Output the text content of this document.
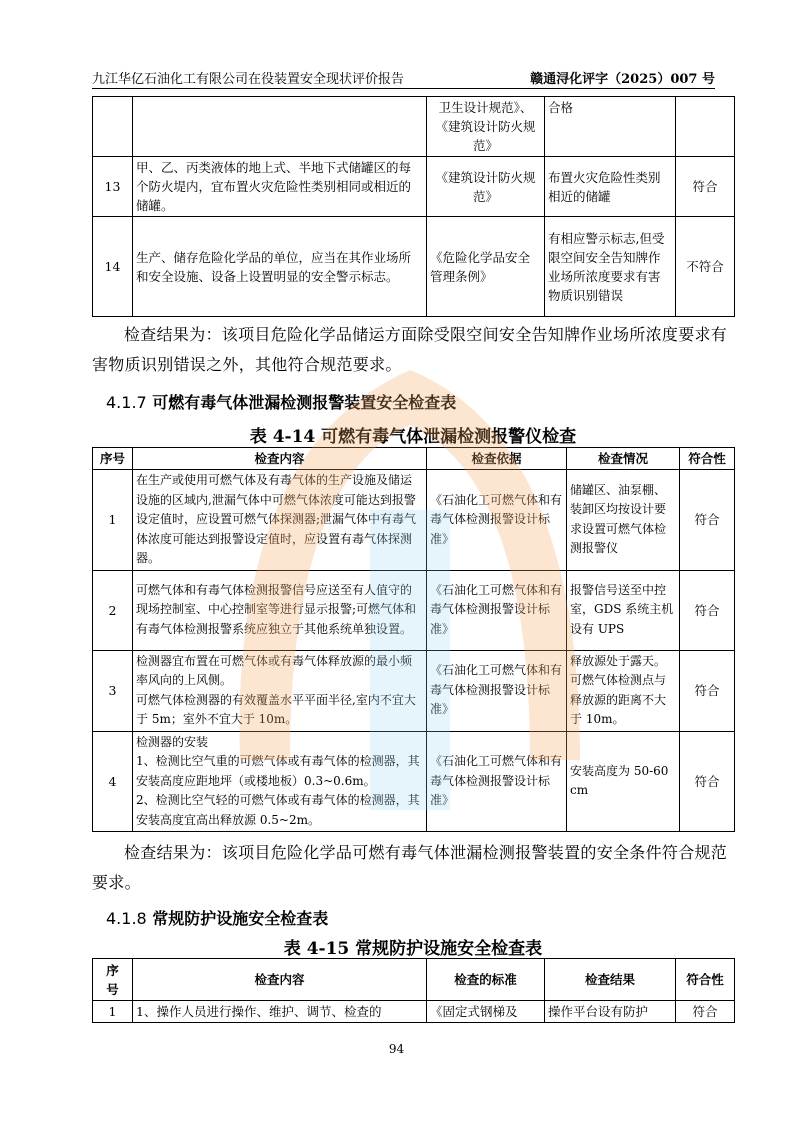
九江华亿石油化工有限公司在役装置安全现状评价报告	赣通浔化评字（2025）007 号
		卫生设计规范》、《建筑设计防火规范》	合格	
13	甲、乙、丙类液体的地上式、半地下式储罐区的每个防火堤内，宜布置火灾危险性类别相同或相近的储罐。	《建筑设计防火规范》	布置火灾危险性类别相近的储罐	符合
14	生产、储存危险化学品的单位，应当在其作业场所和安全设施、设备上设置明显的安全警示标志。	《危险化学品安全管理条例》	有相应警示标志,但受限空间安全告知牌作业场所浓度要求有害物质识别错误	不符合
检查结果为：该项目危险化学品储运方面除受限空间安全告知牌作业场所浓度要求有害物质识别错误之外，其他符合规范要求。
4.1.7 可燃有毒气体泄漏检测报警装置安全检查表
表 4-14 可燃有毒气体泄漏检测报警仪检查
序号	检查内容	检查依据	检查情况	符合性
1	在生产或使用可燃气体及有毒气体的生产设施及储运设施的区域内,泄漏气体中可燃气体浓度可能达到报警设定值时，应设置可燃气体探测器;泄漏气体中有毒气体浓度可能达到报警设定值时，应设置有毒气体探测器。	《石油化工可燃气体和有毒气体检测报警设计标准》	储罐区、油泵棚、装卸区均按设计要求设置可燃气体检测报警仪	符合
2	可燃气体和有毒气体检测报警信号应送至有人值守的现场控制室、中心控制室等进行显示报警;可燃气体和有毒气体检测报警系统应独立于其他系统单独设置。	《石油化工可燃气体和有毒气体检测报警设计标准》	报警信号送至中控室，GDS 系统主机设有 UPS	符合
3	检测器宜布置在可燃气体或有毒气体释放源的最小频率风向的上风侧。
可燃气体检测器的有效覆盖水平平面半径,室内不宜大于 5m；室外不宜大于 10m。	《石油化工可燃气体和有毒气体检测报警设计标准》	释放源处于露天。可燃气体检测点与释放源的距离不大于 10m。	符合
4	检测器的安装
1、检测比空气重的可燃气体或有毒气体的检测器，其安装高度应距地坪（或楼地板）0.3~0.6m。
2、检测比空气轻的可燃气体或有毒气体的检测器，其安装高度宜高出释放源 0.5~2m。	《石油化工可燃气体和有毒气体检测报警设计标准》	安装高度为 50-60 cm	符合
检查结果为：该项目危险化学品可燃有毒气体泄漏检测报警装置的安全条件符合规范要求。
4.1.8 常规防护设施安全检查表
表 4-15 常规防护设施安全检查表
序号	检查内容	检查的标准	检查结果	符合性
1	1、操作人员进行操作、维护、调节、检查的	《固定式钢梯及	操作平台设有防护	符合
94
